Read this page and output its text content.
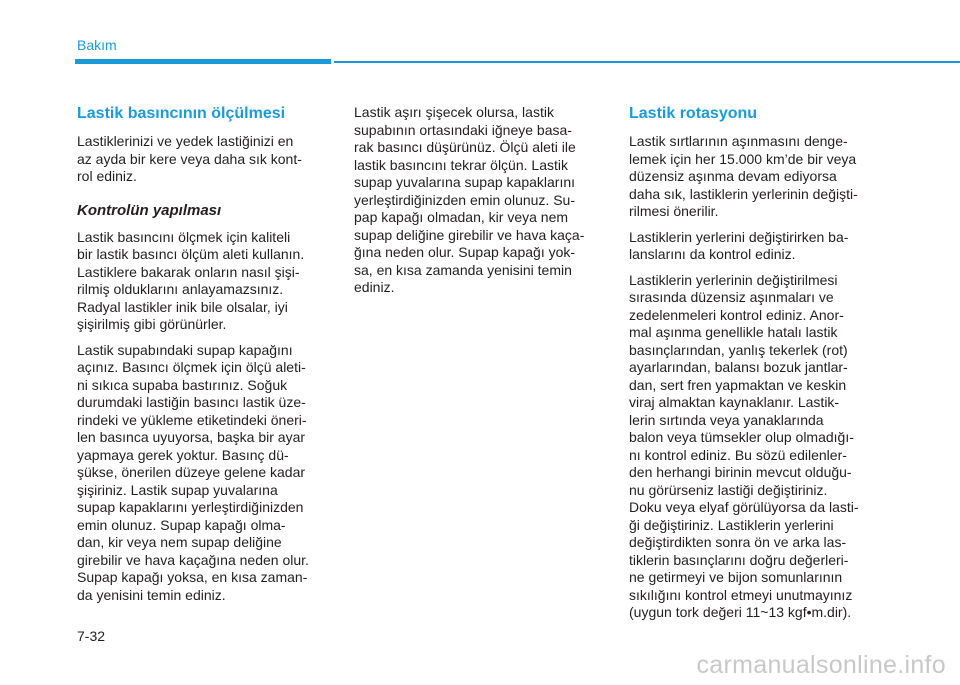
Bakım
Lastik basıncının ölçülmesi

Lastiklerinizi ve yedek lastiğinizi en
az ayda bir kere veya daha sık kont-
rol ediniz.

Kontrolün yapılması

Lastik basıncını ölçmek için kaliteli
bir lastik basıncı ölçüm aleti kullanın.
Lastiklere bakarak onların nasıl şişi-
rilmiş olduklarını anlayamazsınız.
Radyal lastikler inik bile olsalar, iyi
şişirilmiş gibi görünürler.

Lastik supabındaki supap kapağını
açınız. Basıncı ölçmek için ölçü aleti-
ni sıkıca supaba bastırınız. Soğuk
durumdaki lastiğin basıncı lastik üze-
rindeki ve yükleme etiketindeki öneri-
len basınca uyuyorsa, başka bir ayar
yapmaya gerek yoktur. Basınç dü-
şükse, önerilen düzeye gelene kadar
şişiriniz. Lastik supap yuvalarına
supap kapaklarını yerleştirdiğinizden
emin olunuz. Supap kapağı olma-
dan, kir veya nem supap deliğine
girebilir ve hava kaçağına neden olur.
Supap kapağı yoksa, en kısa zaman-
da yenisini temin ediniz.

Lastik aşırı şişecek olursa, lastik
supabının ortasındaki iğneye basa-
rak basıncı düşürünüz. Ölçü aleti ile
lastik basıncını tekrar ölçün. Lastik
supap yuvalarına supap kapaklarını
yerleştirdiğinizden emin olunuz. Su-
pap kapağı olmadan, kir veya nem
supap deliğine girebilir ve hava kaça-
ğına neden olur. Supap kapağı yok-
sa, en kısa zamanda yenisini temin
ediniz.

Lastik rotasyonu

Lastik sırtlarının aşınmasını denge-
lemek için her 15.000 km’de bir veya
düzensiz aşınma devam ediyorsa
daha sık, lastiklerin yerlerinin değişti-
rilmesi önerilir.

Lastiklerin yerlerini değiştirirken ba-
lanslarını da kontrol ediniz.

Lastiklerin yerlerinin değiştirilmesi
sırasında düzensiz aşınmaları ve
zedelenmeleri kontrol ediniz. Anor-
mal aşınma genellikle hatalı lastik
basınçlarından, yanlış tekerlek (rot)
ayarlarından, balansı bozuk jantlar-
dan, sert fren yapmaktan ve keskin
viraj almaktan kaynaklanır. Lastik-
lerin sırtında veya yanaklarında
balon veya tümsekler olup olmadığı-
nı kontrol ediniz. Bu sözü edilenler-
den herhangi birinin mevcut olduğu-
nu görürseniz lastiği değiştiriniz.
Doku veya elyaf görülüyorsa da lasti-
ği değiştiriniz. Lastiklerin yerlerini
değiştirdikten sonra ön ve arka las-
tiklerin basınçlarını doğru değerleri-
ne getirmeyi ve bijon somunlarının
sıkılığını kontrol etmeyi unutmayınız
(uygun tork değeri 11~13 kgf•m.dir).

7-32
carmanualsonline.info
